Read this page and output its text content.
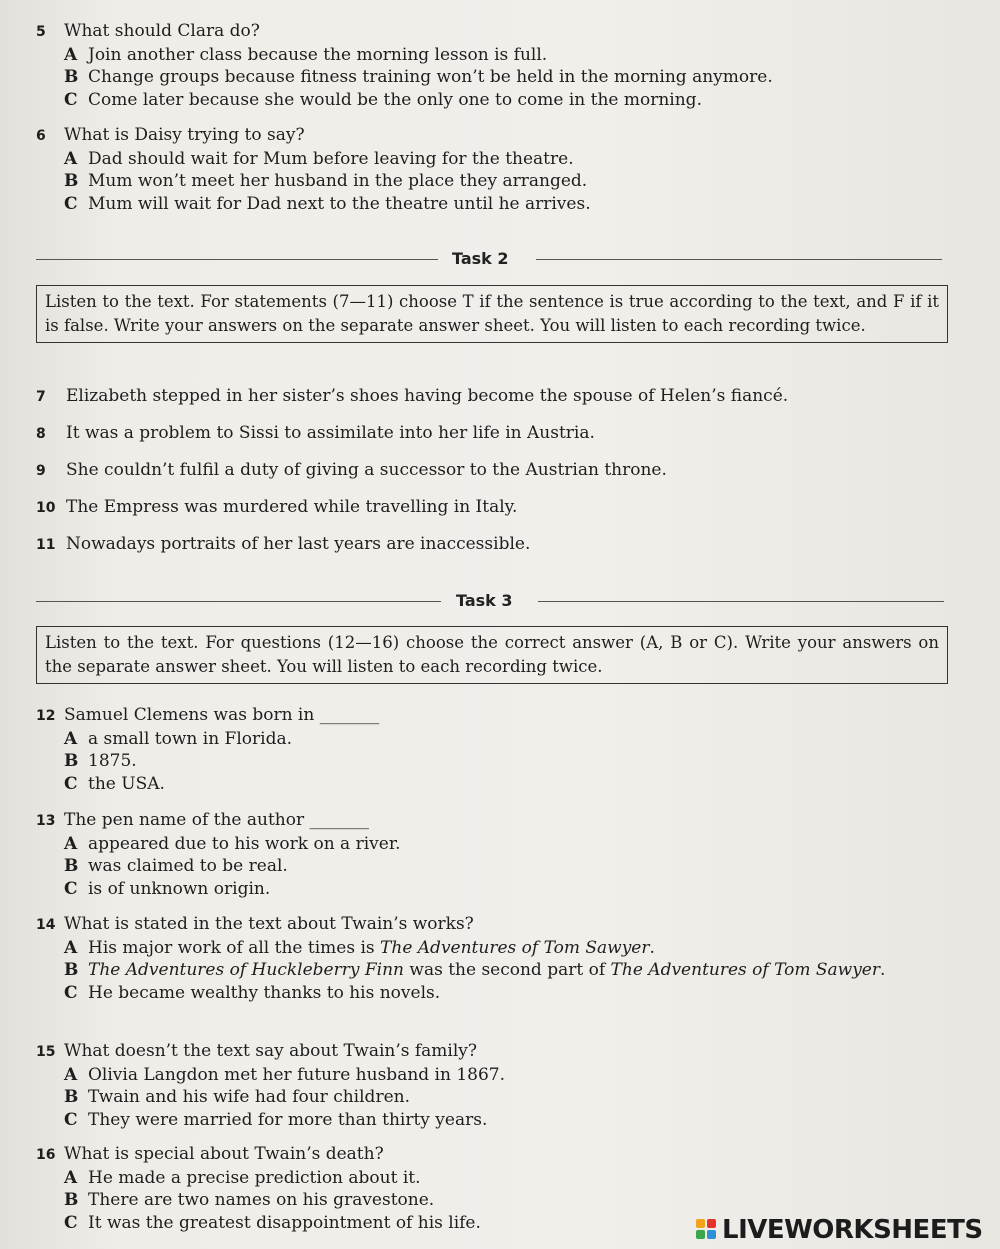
5 What should Clara do?
A Join another class because the morning lesson is full.
B Change groups because fitness training won’t be held in the morning anymore.
C Come later because she would be the only one to come in the morning.
6 What is Daisy trying to say?
A Dad should wait for Mum before leaving for the theatre.
B Mum won’t meet her husband in the place they arranged.
C Mum will wait for Dad next to the theatre until he arrives.
Task 2
Listen to the text. For statements (7—11) choose T if the sentence is true according to the text, and F if it is false. Write your answers on the separate answer sheet. You will listen to each recording twice.
7 Elizabeth stepped in her sister’s shoes having become the spouse of Helen’s fiancé.
8 It was a problem to Sissi to assimilate into her life in Austria.
9 She couldn’t fulfil a duty of giving a successor to the Austrian throne.
10 The Empress was murdered while travelling in Italy.
11 Nowadays portraits of her last years are inaccessible.
Task 3
Listen to the text. For questions (12—16) choose the correct answer (A, B or C). Write your answers on the separate answer sheet. You will listen to each recording twice.
12 Samuel Clemens was born in _______
A a small town in Florida.
B 1875.
C the USA.
13 The pen name of the author _______
A appeared due to his work on a river.
B was claimed to be real.
C is of unknown origin.
14 What is stated in the text about Twain’s works?
A His major work of all the times is The Adventures of Tom Sawyer.
B The Adventures of Huckleberry Finn was the second part of The Adventures of Tom Sawyer.
C He became wealthy thanks to his novels.
15 What doesn’t the text say about Twain’s family?
A Olivia Langdon met her future husband in 1867.
B Twain and his wife had four children.
C They were married for more than thirty years.
16 What is special about Twain’s death?
A He made a precise prediction about it.
B There are two names on his gravestone.
C It was the greatest disappointment of his life.	LIVEWORKSHEETS
